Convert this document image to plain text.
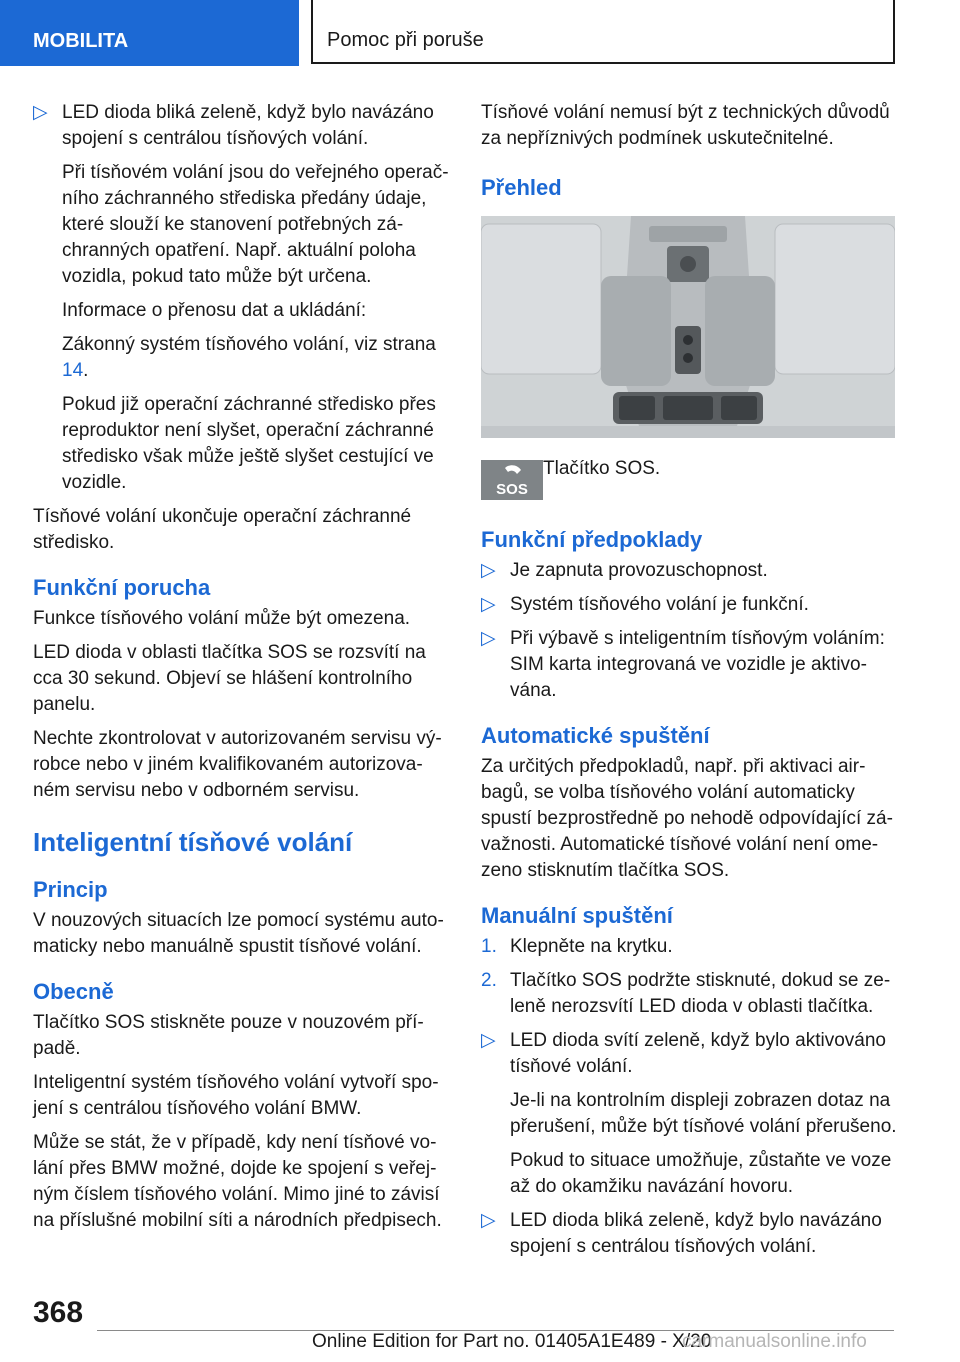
MOBILITA	Pomoc při poruše
▷ LED dioda bliká zeleně, když bylo navázáno spojení s centrálou tísňových volání.

Při tísňovém volání jsou do veřejného operačního záchranného střediska předány údaje, které slouží ke stanovení potřebných záchranných opatření. Např. aktuální poloha vozidla, pokud tato může být určena.

Informace o přenosu dat a ukládání:

Zákonný systém tísňového volání, viz strana 14.

Pokud již operační záchranné středisko přes reproduktor není slyšet, operační záchranné středisko však může ještě slyšet cestující ve vozidle.

Tísňové volání ukončuje operační záchranné středisko.

Funkční porucha

Funkce tísňového volání může být omezena.

LED dioda v oblasti tlačítka SOS se rozsvítí na cca 30 sekund. Objeví se hlášení kontrolního panelu.

Nechte zkontrolovat v autorizovaném servisu výrobce nebo v jiném kvalifikovaném autorizovaném servisu nebo v odborném servisu.

Inteligentní tísňové volání
Princip

V nouzových situacích lze pomocí systému automaticky nebo manuálně spustit tísňové volání.

Obecně

Tlačítko SOS stiskněte pouze v nouzovém případě.

Inteligentní systém tísňového volání vytvoří spojení s centrálou tísňového volání BMW.

Může se stát, že v případě, kdy není tísňové volání přes BMW možné, dojde ke spojení s veřejným číslem tísňového volání. Mimo jiné to závisí na příslušné mobilní síti a národních předpisech.

Tísňové volání nemusí být z technických důvodů za nepříznivých podmínek uskutečnitelné.

Přehled
SOS
Tlačítko SOS.
Funkční předpoklady
▷ Je zapnuta provozuschopnost.
▷ Systém tísňového volání je funkční.
▷ Při výbavě s inteligentním tísňovým voláním: SIM karta integrovaná ve vozidle je aktivována.
Automatické spuštění

Za určitých předpokladů, např. při aktivaci airbagů, se volba tísňového volání automaticky spustí bezprostředně po nehodě odpovídající závažnosti. Automatické tísňové volání není omezeno stisknutím tlačítka SOS.

Manuální spuštění
1. Klepněte na krytku.
2. Tlačítko SOS podržte stisknuté, dokud se zeleně nerozsvítí LED dioda v oblasti tlačítka.
▷ LED dioda svítí zeleně, když bylo aktivováno tísňové volání.

Je-li na kontrolním displeji zobrazen dotaz na přerušení, může být tísňové volání přerušeno.

Pokud to situace umožňuje, zůstaňte ve voze až do okamžiku navázání hovoru.

▷ LED dioda bliká zeleně, když bylo navázáno spojení s centrálou tísňových volání.
368
Online Edition for Part no. 01405A1E489 - X/20
carmanualsonline.info
